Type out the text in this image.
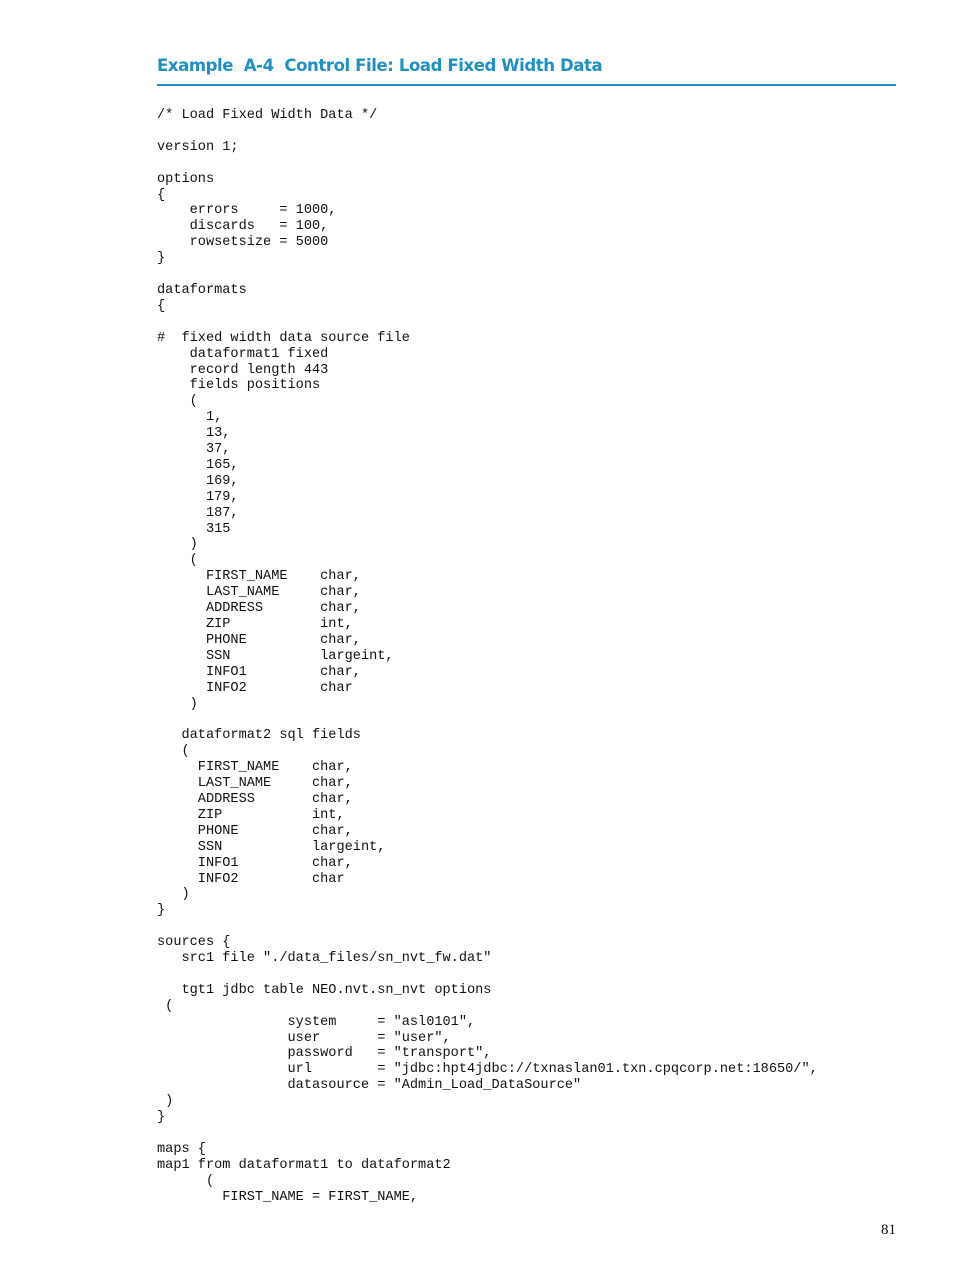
Example  A-4  Control File: Load Fixed Width Data
/* Load Fixed Width Data */

version 1;

options
{
errors     = 1000,
discards   = 100,
rowsetsize = 5000
}

dataformats
{

#  fixed width data source file
dataformat1 fixed
record length 443
fields positions
(
1,
13,
37,
165,
169,
179,
187,
315
)
(
FIRST_NAME    char,
LAST_NAME     char,
ADDRESS       char,
ZIP           int,
PHONE         char,
SSN           largeint,
INFO1         char,
INFO2         char
)

dataformat2 sql fields
(
FIRST_NAME    char,
LAST_NAME     char,
ADDRESS       char,
ZIP           int,
PHONE         char,
SSN           largeint,
INFO1         char,
INFO2         char
)
}

sources {
src1 file "./data_files/sn_nvt_fw.dat"

tgt1 jdbc table NEO.nvt.sn_nvt options
(
system     = "asl0101",
user       = "user",
password   = "transport",
url        = "jdbc:hpt4jdbc://txnaslan01.txn.cpqcorp.net:18650/",
datasource = "Admin_Load_DataSource"
)
}

maps {
map1 from dataformat1 to dataformat2
(
FIRST_NAME = FIRST_NAME,
81
